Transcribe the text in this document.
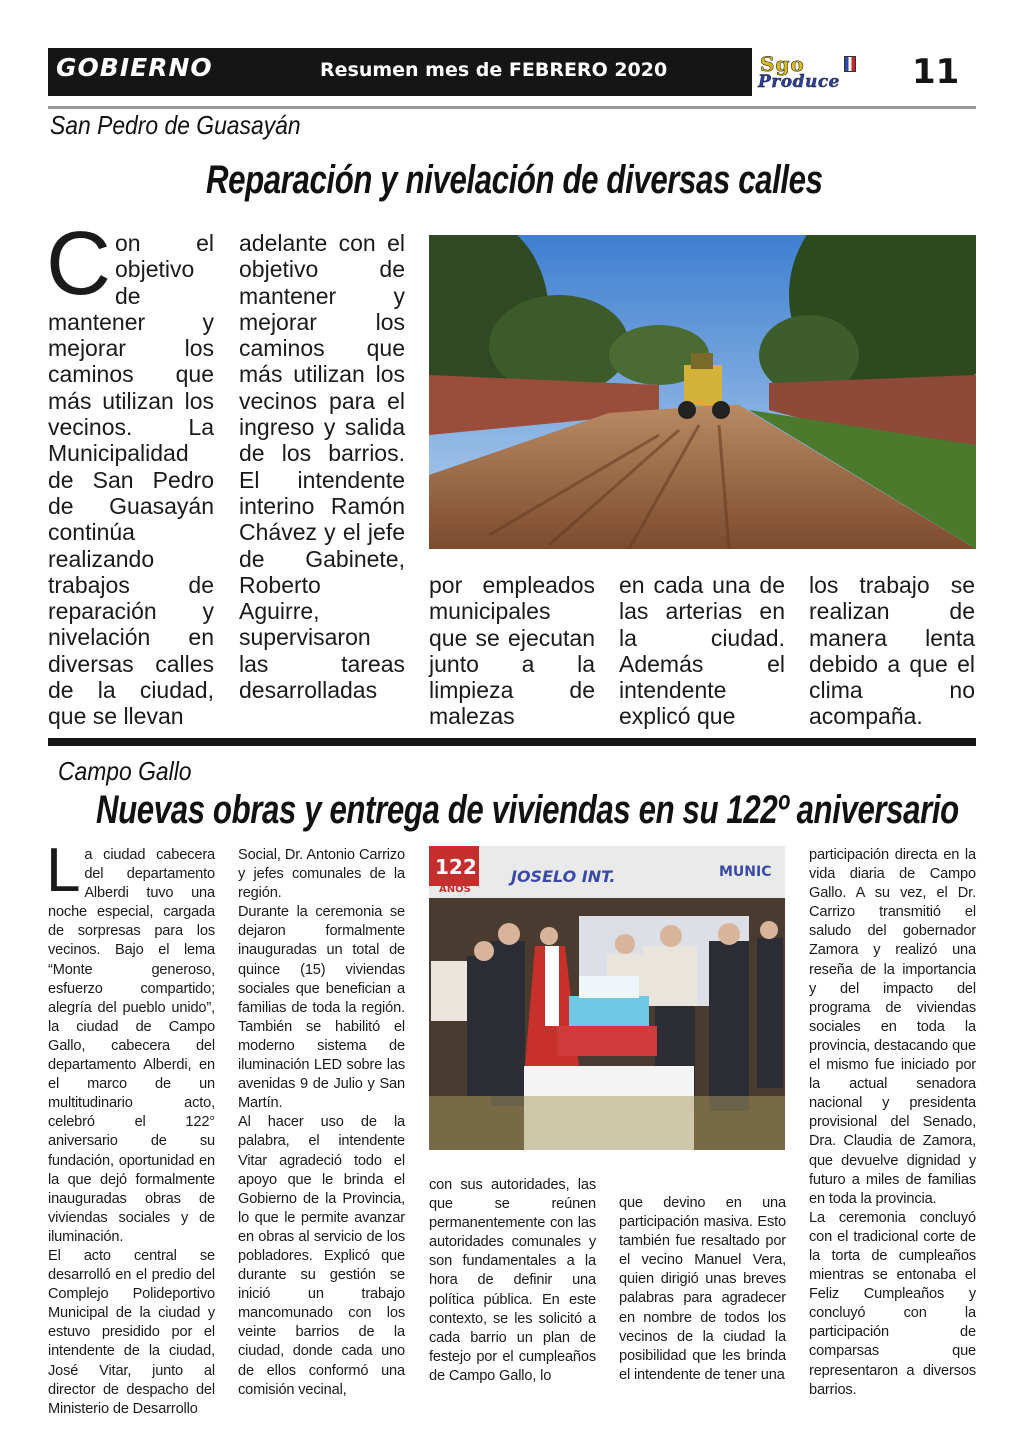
GOBIERNO	Resumen mes de FEBRERO 2020	Sgo
Produce 11
San Pedro de Guasayán
Reparación y nivelación de diversas calles

Con el objetivo de mantener y mejorar los caminos que más utilizan los vecinos. La Municipalidad de San Pedro de Guasayán continúa realizando trabajos de reparación y nivelación en diversas calles de la ciudad, que se llevan

adelante con el objetivo de mantener y mejorar los caminos que más utilizan los vecinos para el ingreso y salida de los barrios. El intendente interino Ramón Chávez y el jefe de Gabinete, Roberto Aguirre, supervisaron las tareas desarrolladas

por empleados municipales que se ejecutan junto a la limpieza de malezas

en cada una de las arterias en la ciudad. Además el intendente explicó que

los trabajo se realizan de manera lenta debido a que el clima no acompaña.

Campo Gallo
Nuevas obras y entrega de viviendas en su 122º aniversario

La ciudad cabecera del departamento Alberdi tuvo una noche especial, cargada de sorpresas para los vecinos. Bajo el lema “Monte generoso, esfuerzo compartido; alegría del pueblo unido”, la ciudad de Campo Gallo, cabecera del departamento Alberdi, en el marco de un multitudinario acto, celebró el 122° aniversario de su fundación, oportunidad en la que dejó formalmente inauguradas obras de viviendas sociales y de iluminación.

El acto central se desarrolló en el predio del Complejo Polideportivo Municipal de la ciudad y estuvo presidido por el intendente de la ciudad, José Vitar, junto al director de despacho del Ministerio de Desarrollo

Social, Dr. Antonio Carrizo y jefes comunales de la región.

Durante la ceremonia se dejaron formalmente inauguradas un total de quince (15) viviendas sociales que benefician a familias de toda la región. También se habilitó el moderno sistema de iluminación LED sobre las avenidas 9 de Julio y San Martín.

Al hacer uso de la palabra, el intendente Vitar agradeció todo el apoyo que le brinda el Gobierno de la Provincia, lo que le permite avanzar en obras al servicio de los pobladores. Explicó que durante su gestión se inició un trabajo mancomunado con los veinte barrios de la ciudad, donde cada uno de ellos conformó una comisión vecinal,

122
AÑOS
JOSELO INT.	MUNIC

con sus autoridades, las que se reúnen permanentemente con las autoridades comunales y son fundamentales a la hora de definir una política pública. En este contexto, se les solicitó a cada barrio un plan de festejo por el cumpleaños de Campo Gallo, lo

que devino en una participación masiva. Esto también fue resaltado por el vecino Manuel Vera, quien dirigió unas breves palabras para agradecer en nombre de todos los vecinos de la ciudad la posibilidad que les brinda el intendente de tener una

participación directa en la vida diaria de Campo Gallo. A su vez, el Dr. Carrizo transmitió el saludo del gobernador Zamora y realizó una reseña de la importancia y del impacto del programa de viviendas sociales en toda la provincia, destacando que el mismo fue iniciado por la actual senadora nacional y presidenta provisional del Senado, Dra. Claudia de Zamora, que devuelve dignidad y futuro a miles de familias en toda la provincia.

La ceremonia concluyó con el tradicional corte de la torta de cumpleaños mientras se entonaba el Feliz Cumpleaños y concluyó con la participación de comparsas que representaron a diversos barrios.
